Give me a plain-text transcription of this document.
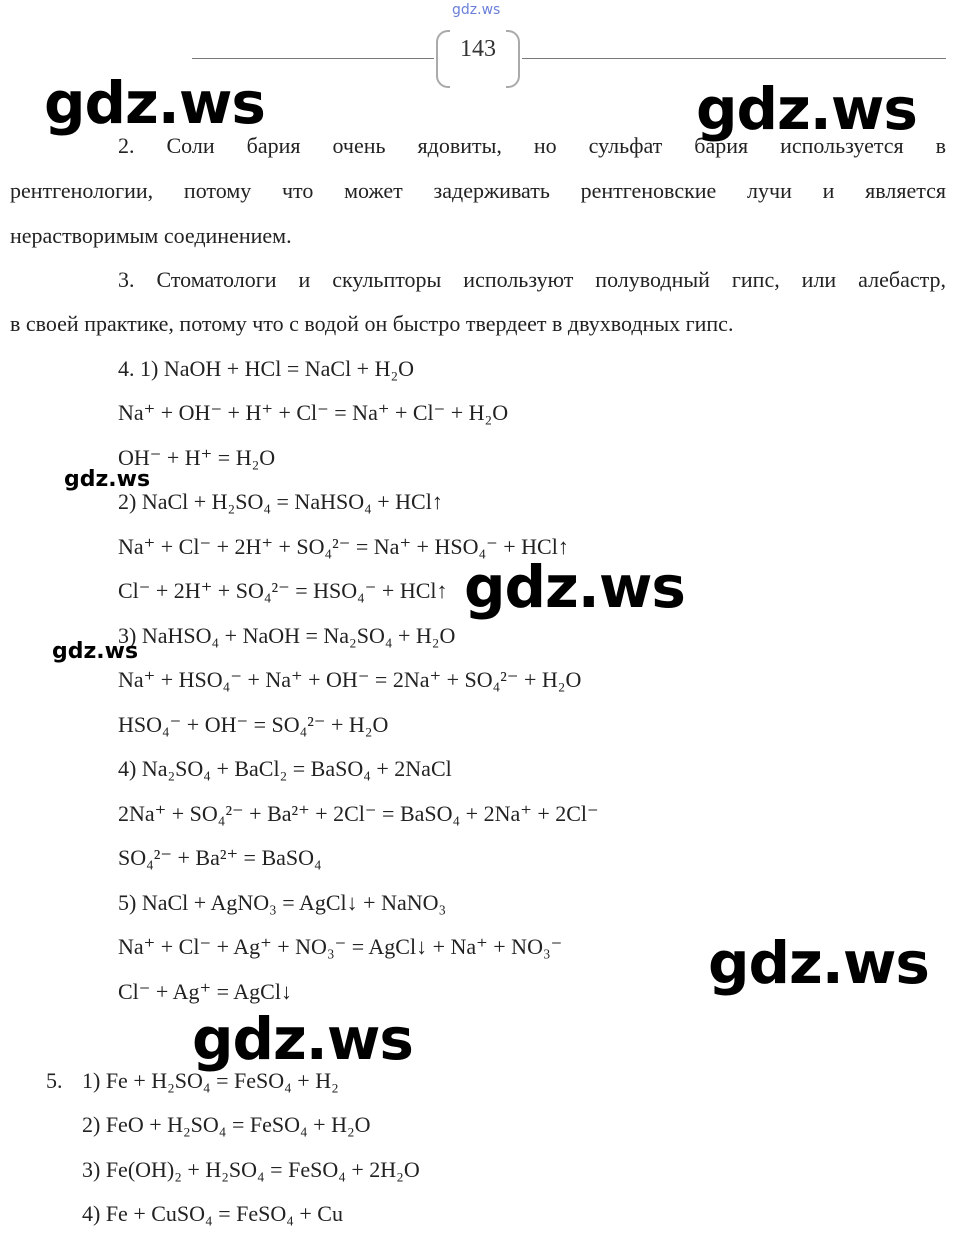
gdz.ws
143
2. Соли бария очень ядовиты, но сульфат бария используется в
рентгенологии, потому что может задерживать рентгеновские лучи и является
нерастворимым соединением.
3. Стоматологи и скульпторы используют полуводный гипс, или алебастр,
в своей практике, потому что с водой он быстро твердеет в двухводных гипс.
4. 1) NaOH + HCl = NaCl + H₂O
Na⁺ + OH⁻ + H⁺ + Cl⁻ = Na⁺ + Cl⁻ + H₂O
OH⁻ + H⁺ = H₂O
2) NaCl + H₂SO₄ = NaHSO₄ + HCl↑
Na⁺ + Cl⁻ + 2H⁺ + SO₄²⁻ = Na⁺ + HSO₄⁻ + HCl↑
Cl⁻ + 2H⁺ + SO₄²⁻ = HSO₄⁻ + HCl↑
3) NaHSO₄ + NaOH = Na₂SO₄ + H₂O
Na⁺ + HSO₄⁻ + Na⁺ + OH⁻ = 2Na⁺ + SO₄²⁻ + H₂O
HSO₄⁻ + OH⁻ = SO₄²⁻ + H₂O
4) Na₂SO₄ + BaCl₂ = BaSO₄ + 2NaCl
2Na⁺ + SO₄²⁻ + Ba²⁺ + 2Cl⁻ = BaSO₄ + 2Na⁺ + 2Cl⁻
SO₄²⁻ + Ba²⁺ = BaSO₄
5) NaCl + AgNO₃ = AgCl↓ + NaNO₃
Na⁺ + Cl⁻ + Ag⁺ + NO₃⁻ = AgCl↓ + Na⁺ + NO₃⁻
Cl⁻ + Ag⁺ = AgCl↓
5. 1) Fe + H₂SO₄ = FeSO₄ + H₂
2) FeO + H₂SO₄ = FeSO₄ + H₂O
3) Fe(OH)₂ + H₂SO₄ = FeSO₄ + 2H₂O
4) Fe + CuSO₄ = FeSO₄ + Cu
gdz.ws	gdz.ws
gdz.ws
gdz.ws
gdz.ws
gdz.ws
gdz.ws
